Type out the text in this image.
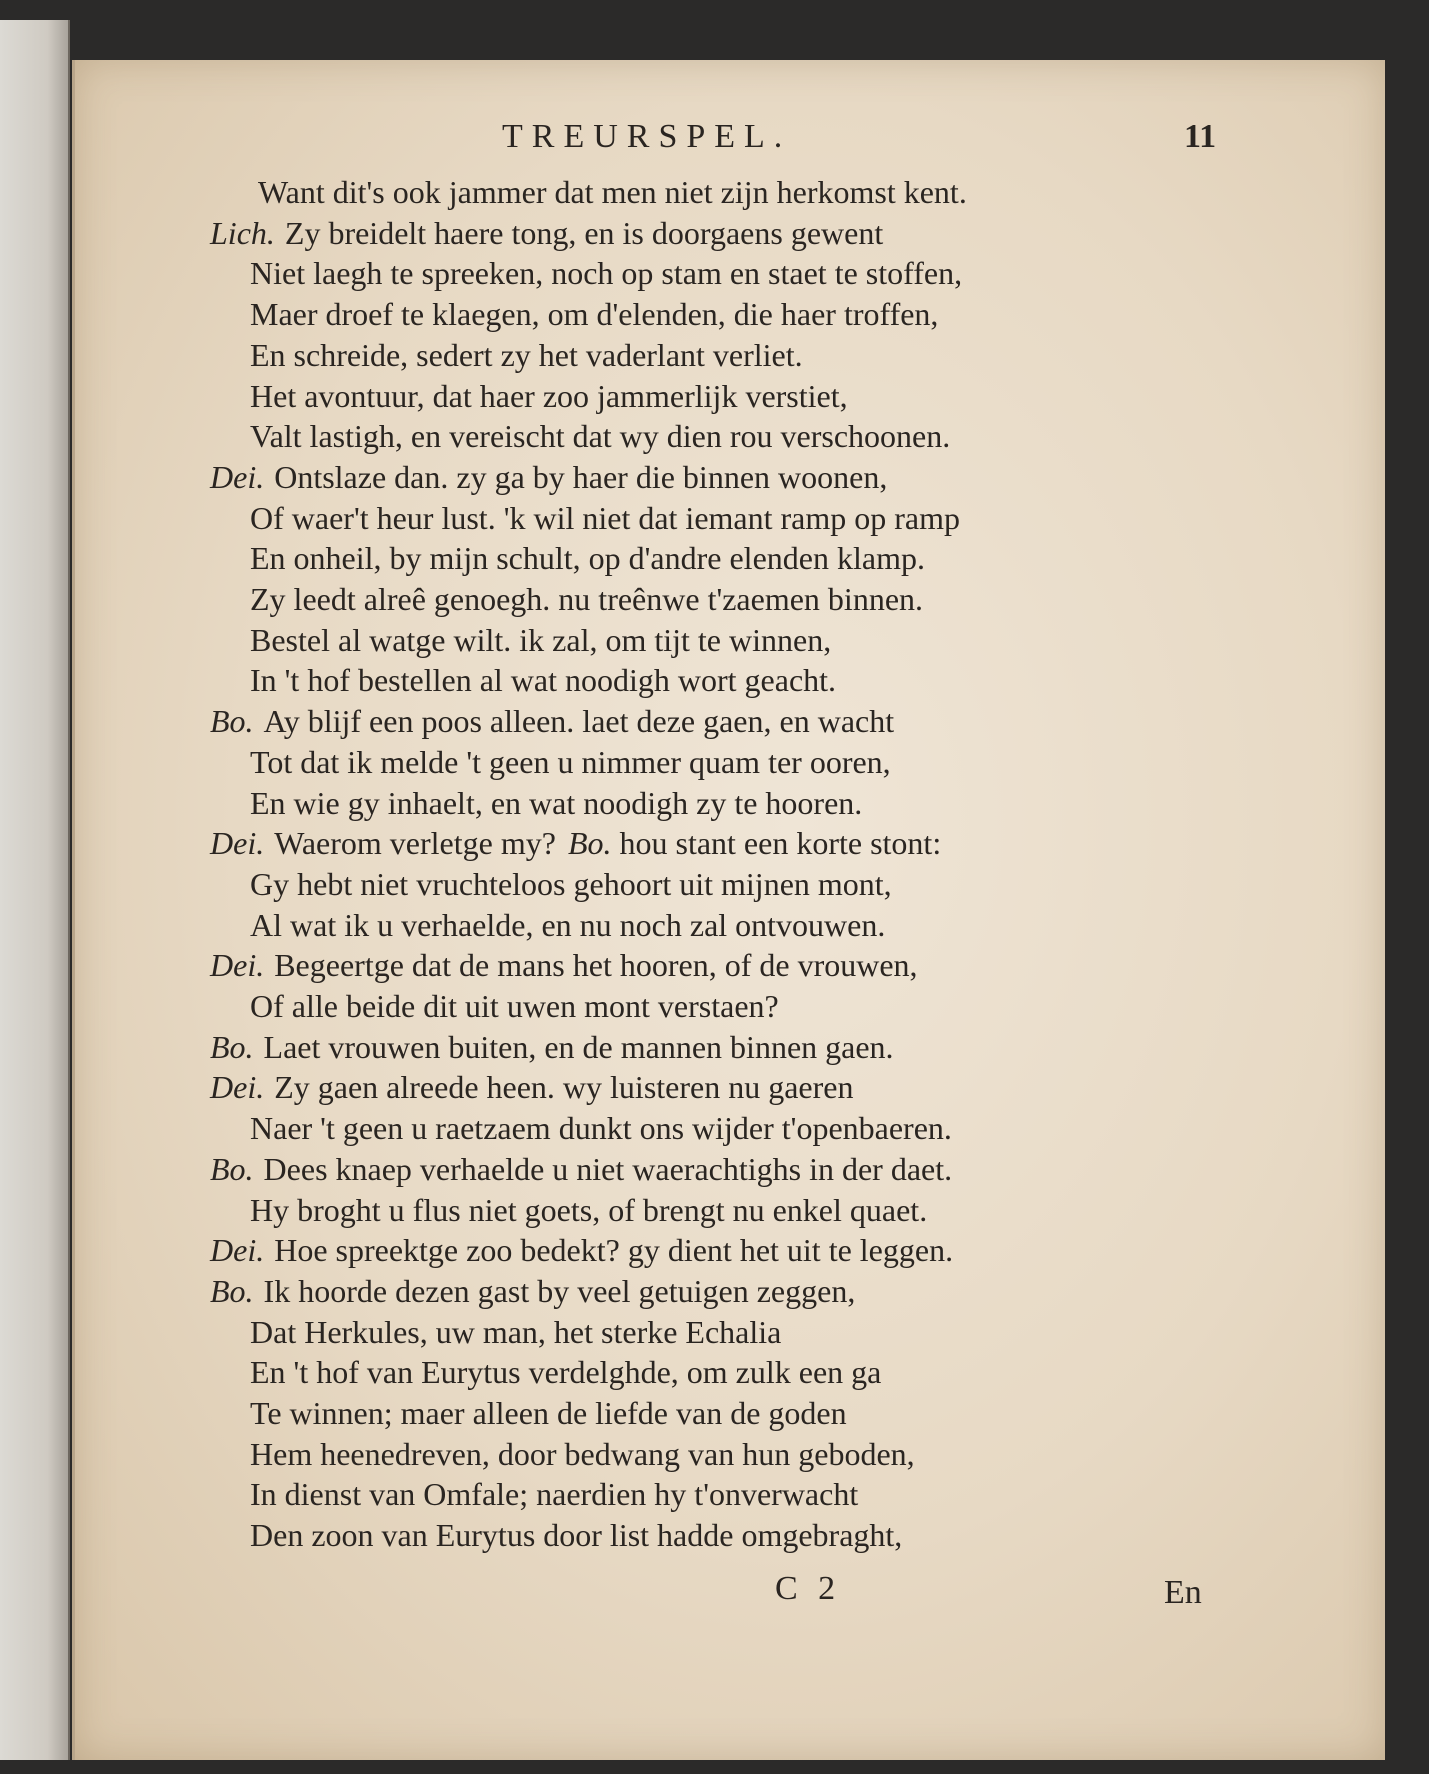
TREURSPEL.	11
Want dit's ook jammer dat men niet zijn herkomst kent.
Lich. Zy breidelt haere tong, en is doorgaens gewent
Niet laegh te spreeken, noch op stam en staet te stoffen,
Maer droef te klaegen, om d'elenden, die haer troffen,
En schreide, sedert zy het vaderlant verliet.
Het avontuur, dat haer zoo jammerlijk verstiet,
Valt lastigh, en vereischt dat wy dien rou verschoonen.
Dei. Ontslaze dan. zy ga by haer die binnen woonen,
Of waer't heur lust. 'k wil niet dat iemant ramp op ramp
En onheil, by mijn schult, op d'andre elenden klamp.
Zy leedt alreê genoegh. nu treênwe t'zaemen binnen.
Bestel al watge wilt. ik zal, om tijt te winnen,
In 't hof bestellen al wat noodigh wort geacht.
Bo. Ay blijf een poos alleen. laet deze gaen, en wacht
Tot dat ik melde 't geen u nimmer quam ter ooren,
En wie gy inhaelt, en wat noodigh zy te hooren.
Dei. Waerom verletge my? Bo. hou stant een korte stont:
Gy hebt niet vruchteloos gehoort uit mijnen mont,
Al wat ik u verhaelde, en nu noch zal ontvouwen.
Dei. Begeertge dat de mans het hooren, of de vrouwen,
Of alle beide dit uit uwen mont verstaen?
Bo. Laet vrouwen buiten, en de mannen binnen gaen.
Dei. Zy gaen alreede heen. wy luisteren nu gaeren
Naer 't geen u raetzaem dunkt ons wijder t'openbaeren.
Bo. Dees knaep verhaelde u niet waerachtighs in der daet.
Hy broght u flus niet goets, of brengt nu enkel quaet.
Dei. Hoe spreektge zoo bedekt? gy dient het uit te leggen.
Bo. Ik hoorde dezen gast by veel getuigen zeggen,
Dat Herkules, uw man, het sterke Echalia
En 't hof van Eurytus verdelghde, om zulk een ga
Te winnen; maer alleen de liefde van de goden
Hem heenedreven, door bedwang van hun geboden,
In dienst van Omfale; naerdien hy t'onverwacht
Den zoon van Eurytus door list hadde omgebraght,
C 2	En
